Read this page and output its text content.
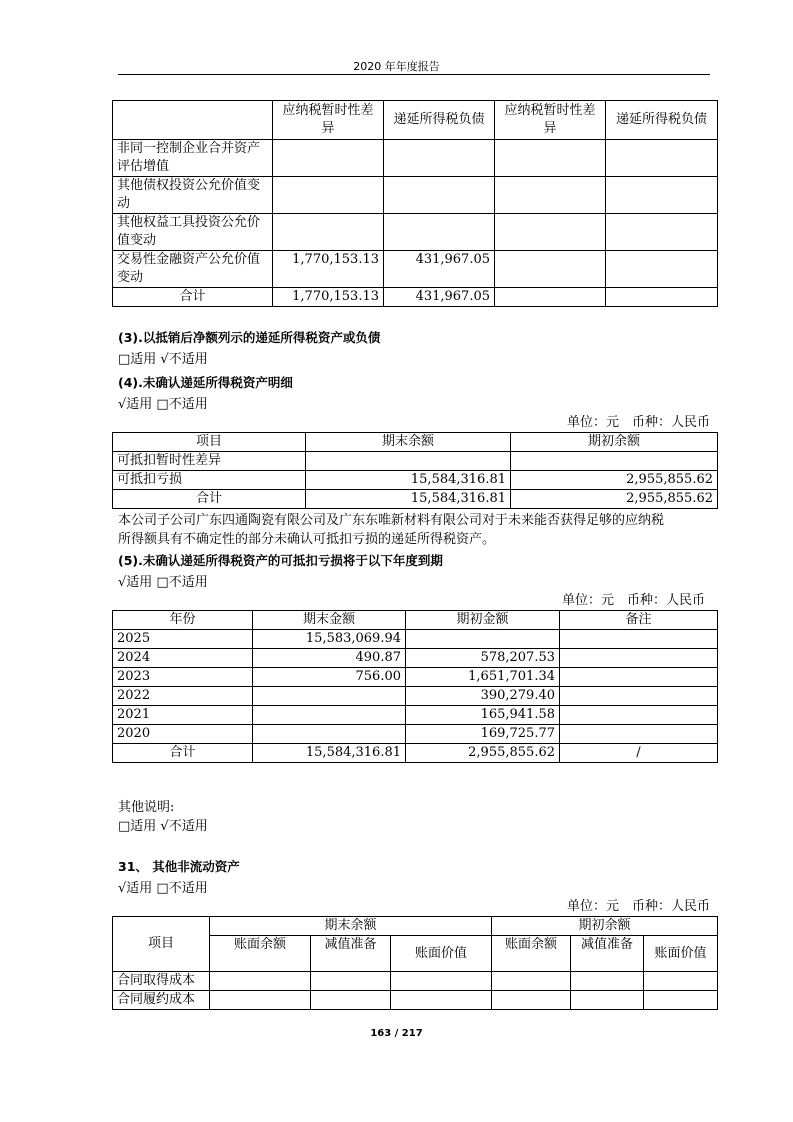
2020 年年度报告
	应纳税暂时性差异	递延所得税负债	应纳税暂时性差异	递延所得税负债
非同一控制企业合并资产评估增值				
其他债权投资公允价值变动				
其他权益工具投资公允价值变动				
交易性金融资产公允价值变动	1,770,153.13	431,967.05		
合计	1,770,153.13	431,967.05		
(3).以抵销后净额列示的递延所得税资产或负债
□适用 √不适用
(4).未确认递延所得税资产明细
√适用 □不适用
单位：元　币种：人民币
项目	期末余额	期初余额
可抵扣暂时性差异		
可抵扣亏损	15,584,316.81	2,955,855.62
合计	15,584,316.81	2,955,855.62
本公司子公司广东四通陶瓷有限公司及广东东唯新材料有限公司对于未来能否获得足够的应纳税
所得额具有不确定性的部分未确认可抵扣亏损的递延所得税资产。
(5).未确认递延所得税资产的可抵扣亏损将于以下年度到期
√适用 □不适用
单位：元　币种：人民币
年份	期末金额	期初金额	备注
2025	15,583,069.94		
2024	490.87	578,207.53	
2023	756.00	1,651,701.34	
2022		390,279.40	
2021		165,941.58	
2020		169,725.77	
合计	15,584,316.81	2,955,855.62	/
其他说明:
□适用 √不适用
31、 其他非流动资产
√适用 □不适用
单位：元　币种：人民币
项目	期末余额			期初余额		
	账面余额	减值准备	账面价值	账面余额	减值准备	账面价值
合同取得成本						
合同履约成本						
163 / 217
